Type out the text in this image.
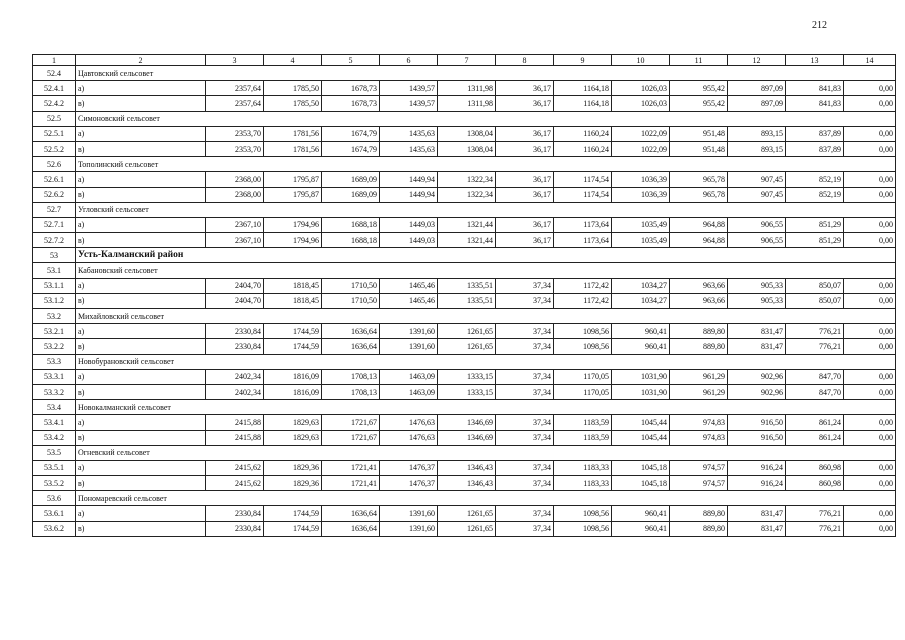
212
1	2	3	4	5	6	7	8	9	10	11	12	13	14
52.4	Цавтовский сельсовет												
52.4.1	а)	2357,64	1785,50	1678,73	1439,57	1311,98	36,17	1164,18	1026,03	955,42	897,09	841,83	0,00
52.4.2	в)	2357,64	1785,50	1678,73	1439,57	1311,98	36,17	1164,18	1026,03	955,42	897,09	841,83	0,00
52.5	Симоновский сельсовет												
52.5.1	а)	2353,70	1781,56	1674,79	1435,63	1308,04	36,17	1160,24	1022,09	951,48	893,15	837,89	0,00
52.5.2	в)	2353,70	1781,56	1674,79	1435,63	1308,04	36,17	1160,24	1022,09	951,48	893,15	837,89	0,00
52.6	Тополинский сельсовет												
52.6.1	а)	2368,00	1795,87	1689,09	1449,94	1322,34	36,17	1174,54	1036,39	965,78	907,45	852,19	0,00
52.6.2	в)	2368,00	1795,87	1689,09	1449,94	1322,34	36,17	1174,54	1036,39	965,78	907,45	852,19	0,00
52.7	Угловский сельсовет												
52.7.1	а)	2367,10	1794,96	1688,18	1449,03	1321,44	36,17	1173,64	1035,49	964,88	906,55	851,29	0,00
52.7.2	в)	2367,10	1794,96	1688,18	1449,03	1321,44	36,17	1173,64	1035,49	964,88	906,55	851,29	0,00
53	Усть-Калманский район												
53.1	Кабановский сельсовет												
53.1.1	а)	2404,70	1818,45	1710,50	1465,46	1335,51	37,34	1172,42	1034,27	963,66	905,33	850,07	0,00
53.1.2	в)	2404,70	1818,45	1710,50	1465,46	1335,51	37,34	1172,42	1034,27	963,66	905,33	850,07	0,00
53.2	Михайловский сельсовет												
53.2.1	а)	2330,84	1744,59	1636,64	1391,60	1261,65	37,34	1098,56	960,41	889,80	831,47	776,21	0,00
53.2.2	в)	2330,84	1744,59	1636,64	1391,60	1261,65	37,34	1098,56	960,41	889,80	831,47	776,21	0,00
53.3	Новобурановский сельсовет												
53.3.1	а)	2402,34	1816,09	1708,13	1463,09	1333,15	37,34	1170,05	1031,90	961,29	902,96	847,70	0,00
53.3.2	в)	2402,34	1816,09	1708,13	1463,09	1333,15	37,34	1170,05	1031,90	961,29	902,96	847,70	0,00
53.4	Новокалманский сельсовет												
53.4.1	а)	2415,88	1829,63	1721,67	1476,63	1346,69	37,34	1183,59	1045,44	974,83	916,50	861,24	0,00
53.4.2	в)	2415,88	1829,63	1721,67	1476,63	1346,69	37,34	1183,59	1045,44	974,83	916,50	861,24	0,00
53.5	Огневский сельсовет												
53.5.1	а)	2415,62	1829,36	1721,41	1476,37	1346,43	37,34	1183,33	1045,18	974,57	916,24	860,98	0,00
53.5.2	в)	2415,62	1829,36	1721,41	1476,37	1346,43	37,34	1183,33	1045,18	974,57	916,24	860,98	0,00
53.6	Пономаревский сельсовет												
53.6.1	а)	2330,84	1744,59	1636,64	1391,60	1261,65	37,34	1098,56	960,41	889,80	831,47	776,21	0,00
53.6.2	в)	2330,84	1744,59	1636,64	1391,60	1261,65	37,34	1098,56	960,41	889,80	831,47	776,21	0,00
